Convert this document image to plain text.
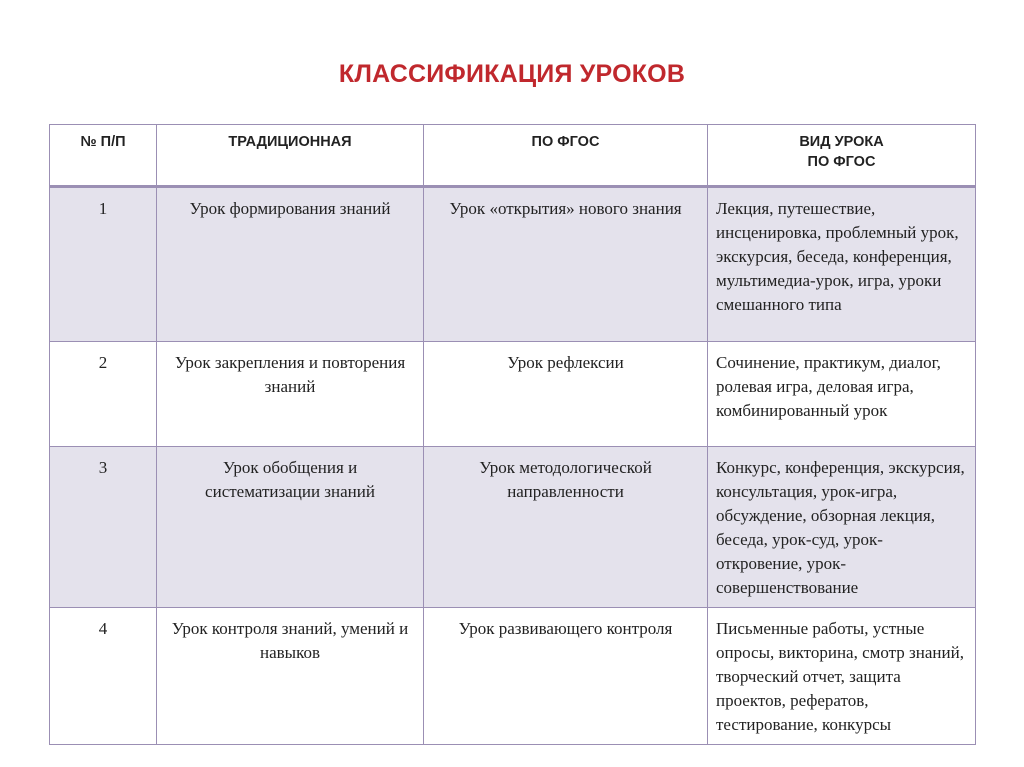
КЛАССИФИКАЦИЯ УРОКОВ
№ П/П	ТРАДИЦИОННАЯ	ПО ФГОС	ВИД УРОКА
ПО ФГОС
1	Урок формирования знаний	Урок «открытия» нового знания	Лекция, путешествие, инсценировка, проблемный урок, экскурсия, беседа, конференция, мультимедиа-урок, игра, уроки смешанного типа
2	Урок закрепления и повторения знаний	Урок рефлексии	Сочинение, практикум, диалог, ролевая игра, деловая игра, комбинированный урок
3	Урок обобщения и систематизации знаний	Урок методологической направленности	Конкурс, конференция, экскурсия, консультация, урок-игра, обсуждение, обзорная лекция, беседа, урок-суд, урок-откровение, урок-совершенствование
4	Урок контроля знаний, умений и навыков	Урок развивающего контроля	Письменные работы, устные опросы, викторина, смотр знаний, творческий отчет, защита проектов, рефератов, тестирование, конкурсы
